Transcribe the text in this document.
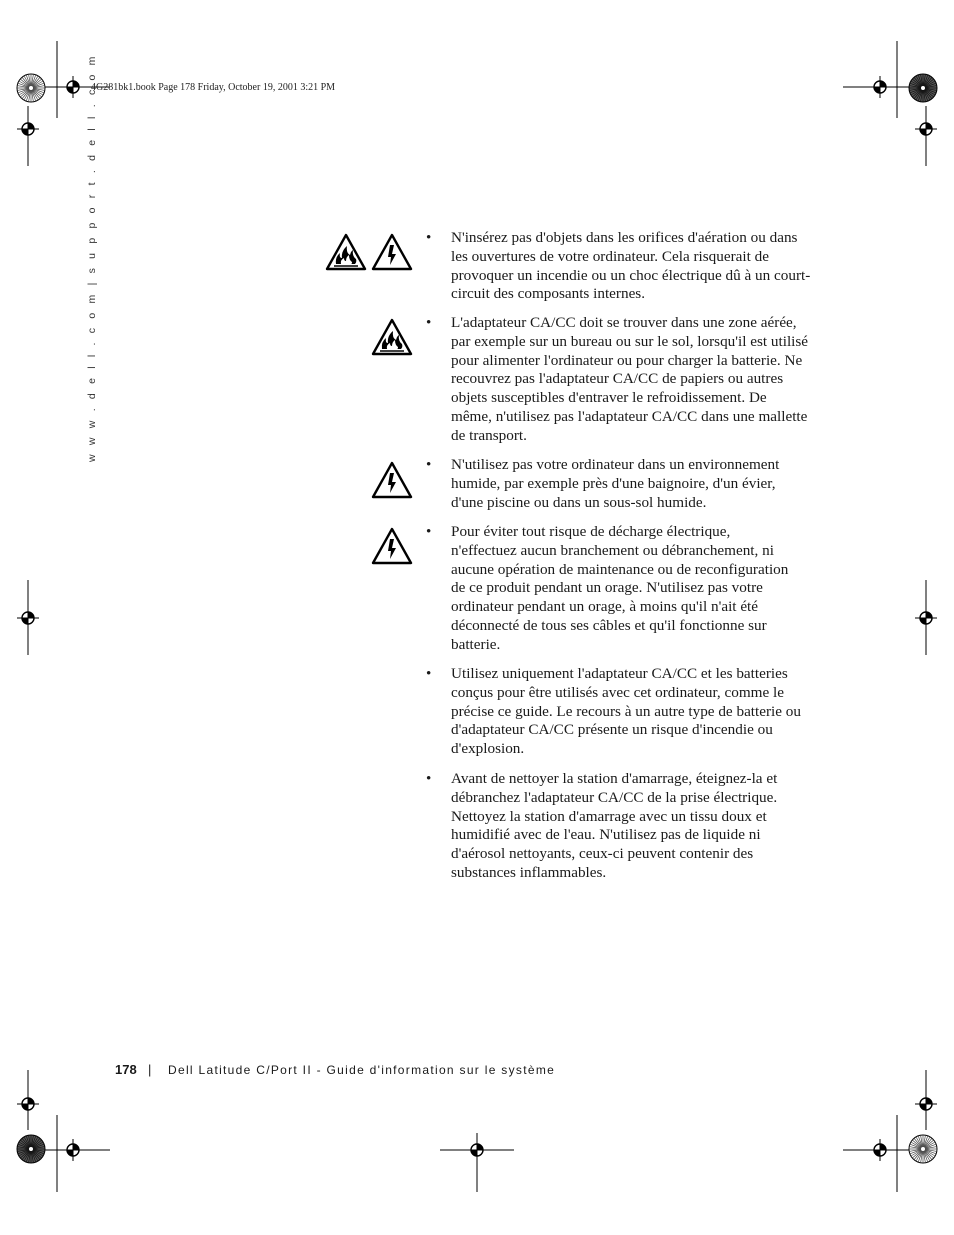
4G281bk1.book Page 178 Friday, October 19, 2001 3:21 PM
w w w . d e l l . c o m | s u p p o r t . d e l l . c o m	• N'insérez pas d'objets dans les orifices d'aération ou dans les ouvertures de votre ordinateur. Cela risquerait de provoquer un incendie ou un choc électrique dû à un court-circuit des composants internes.

• L'adaptateur CA/CC doit se trouver dans une zone aérée, par exemple sur un bureau ou sur le sol, lorsqu'il est utilisé pour alimenter l'ordinateur ou pour charger la batterie. Ne recouvrez pas l'adaptateur CA/CC de papiers ou autres objets susceptibles d'entraver le refroidissement. De même, n'utilisez pas l'adaptateur CA/CC dans une mallette de transport.

• N'utilisez pas votre ordinateur dans un environnement humide, par exemple près d'une baignoire, d'un évier, d'une piscine ou dans un sous-sol humide.

• Pour éviter tout risque de décharge électrique, n'effectuez aucun branchement ou débranchement, ni aucune opération de maintenance ou de reconfiguration de ce produit pendant un orage. N'utilisez pas votre ordinateur pendant un orage, à moins qu'il n'ait été déconnecté de tous ses câbles et qu'il fonctionne sur batterie.

• Utilisez uniquement l'adaptateur CA/CC et les batteries conçus pour être utilisés avec cet ordinateur, comme le précise ce guide. Le recours à un autre type de batterie ou d'adaptateur CA/CC présente un risque d'incendie ou d'explosion.

• Avant de nettoyer la station d'amarrage, éteignez-la et débranchez l'adaptateur CA/CC de la prise électrique. Nettoyez la station d'amarrage avec un tissu doux et humidifié avec de l'eau. N'utilisez pas de liquide ni d'aérosol nettoyants, ceux-ci peuvent contenir des substances inflammables.

178 | Dell Latitude C/Port II - Guide d'information sur le système
